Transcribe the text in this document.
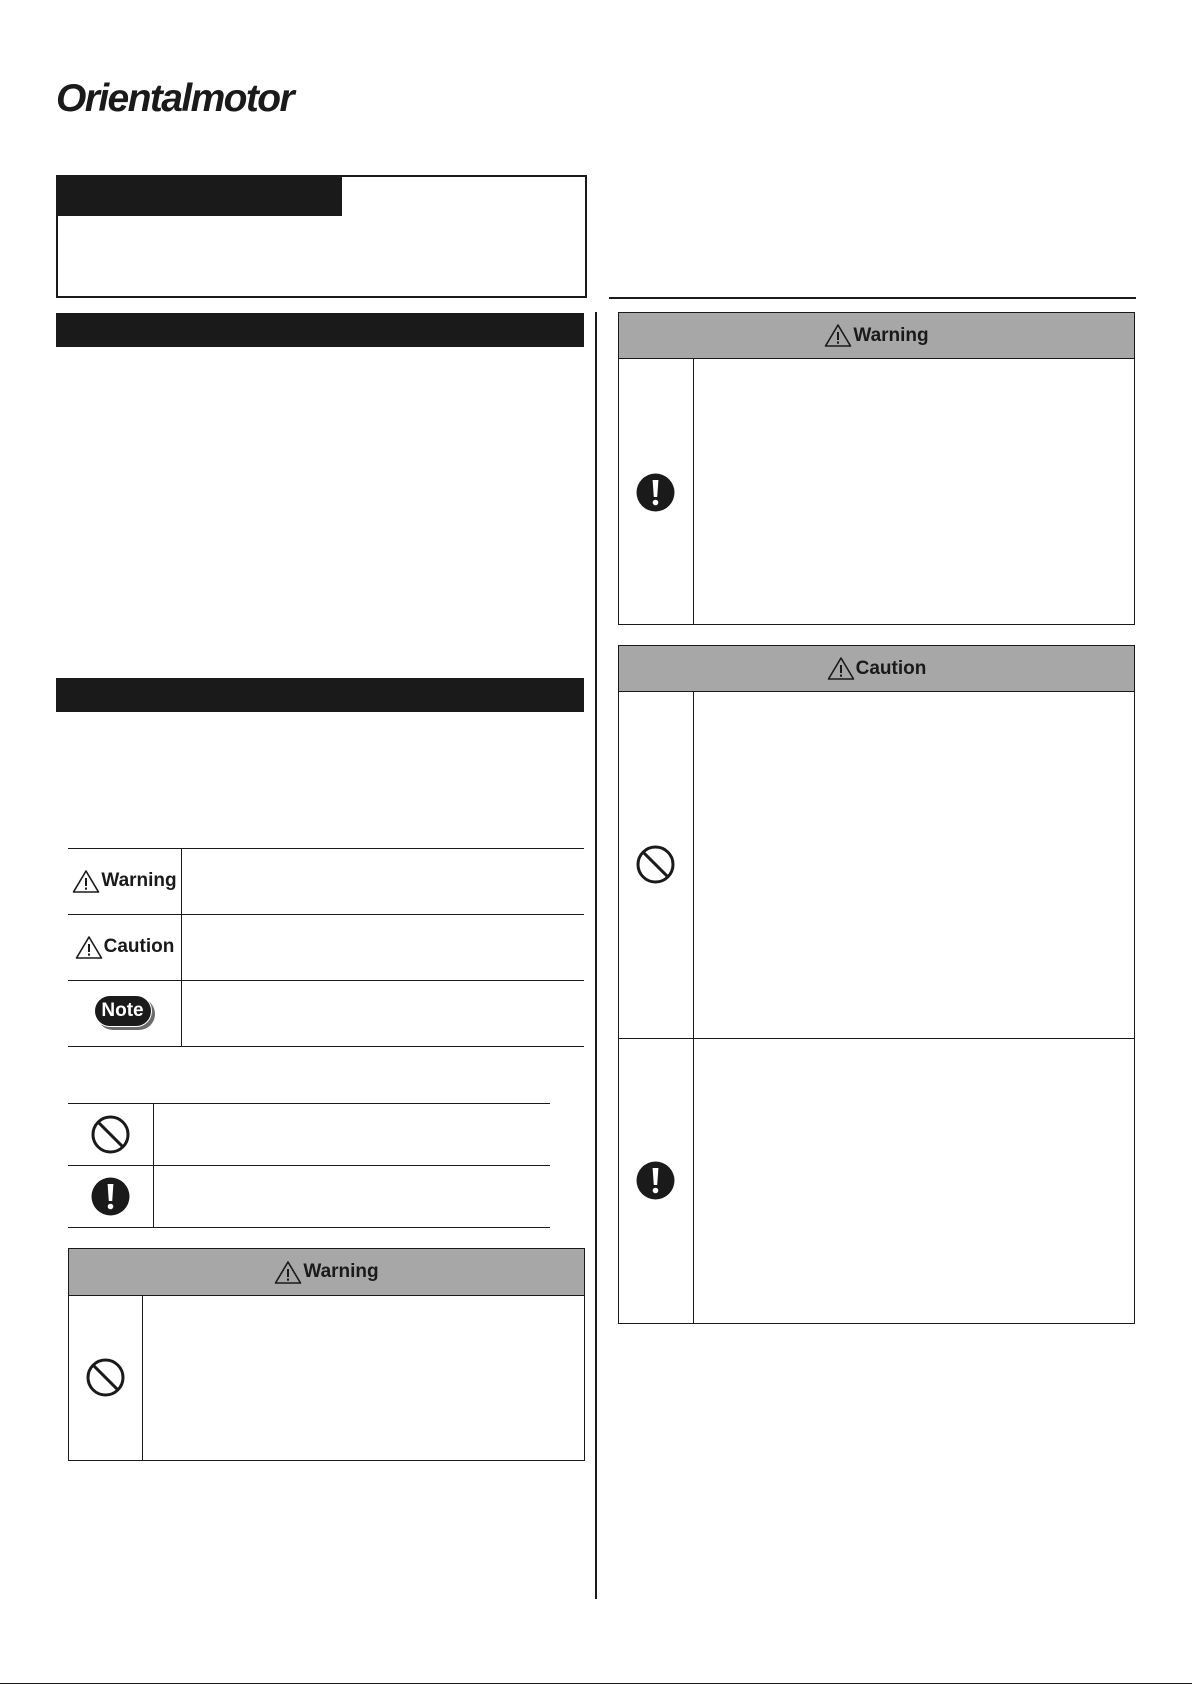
Orientalmotor
Warning
Caution
Note
Warning
Warning
Caution
